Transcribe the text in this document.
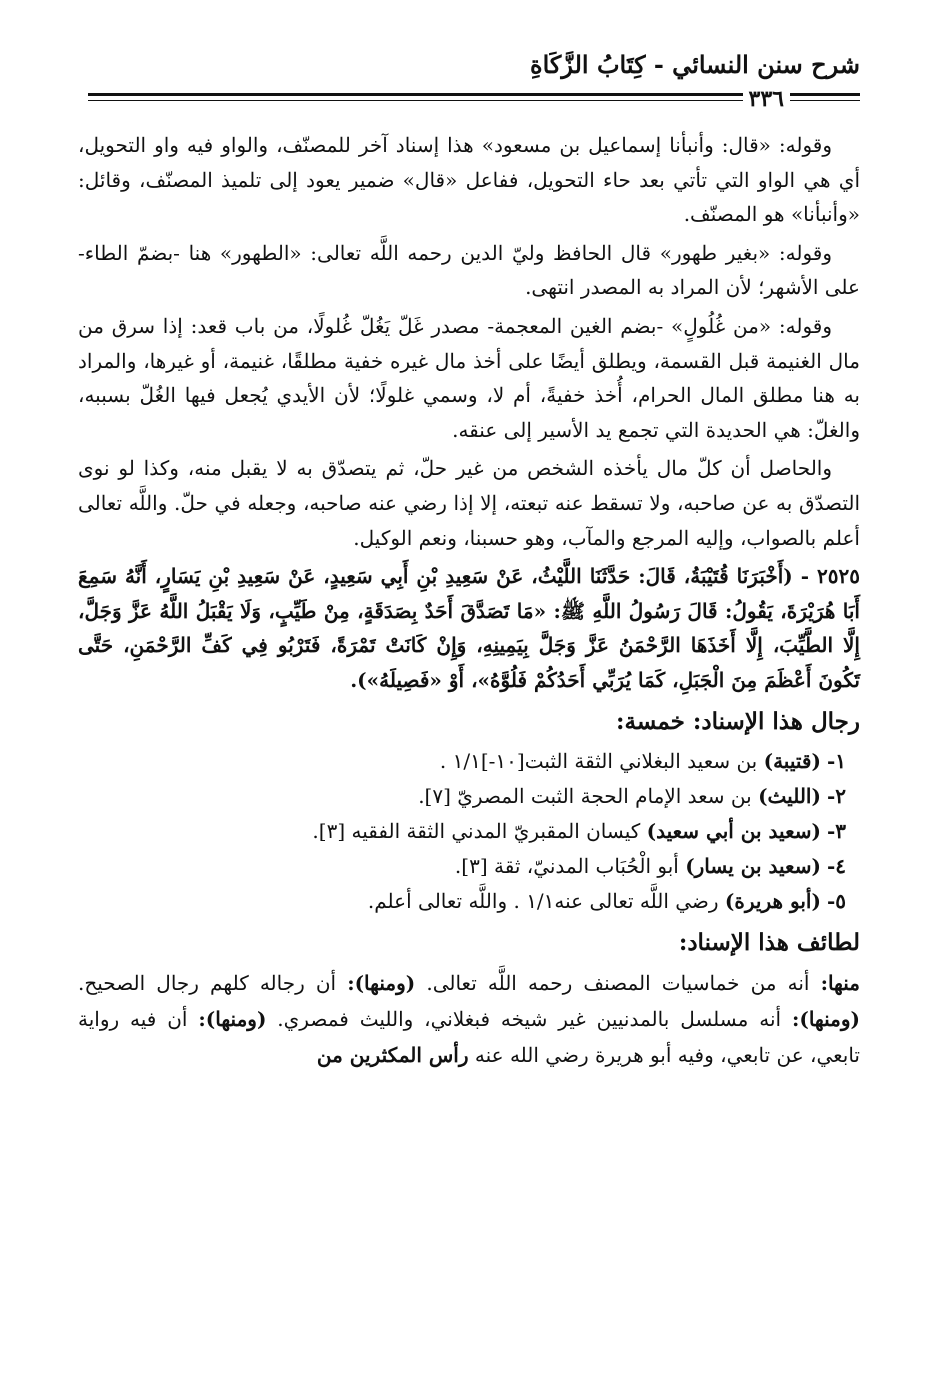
شرح سنن النسائي - كِتَابُ الزَّكَاةِ
٣٣٦

وقوله: «قال: وأنبأنا إسماعيل بن مسعود» هذا إسناد آخر للمصنّف، والواو فيه واو التحويل، أي هي الواو التي تأتي بعد حاء التحويل، ففاعل «قال» ضمير يعود إلى تلميذ المصنّف، وقائل: «وأنبأنا» هو المصنّف.

وقوله: «بغير طهور» قال الحافظ وليّ الدين رحمه اللَّه تعالى: «الطهور» هنا -بضمّ الطاء- على الأشهر؛ لأن المراد به المصدر انتهى.

وقوله: «من غُلُولٍ» -بضم الغين المعجمة- مصدر غَلّ يَغُلّ غُلولًا، من باب قعد: إذا سرق من مال الغنيمة قبل القسمة، ويطلق أيضًا على أخذ مال غيره خفية مطلقًا، غنيمة، أو غيرها، والمراد به هنا مطلق المال الحرام، أُخذ خفيةً، أم لا، وسمي غلولًا؛ لأن الأيدي يُجعل فيها الغُلّ بسببه، والغلّ: هي الحديدة التي تجمع يد الأسير إلى عنقه.

والحاصل أن كلّ مال يأخذه الشخص من غير حلّ، ثم يتصدّق به لا يقبل منه، وكذا لو نوى التصدّق به عن صاحبه، ولا تسقط عنه تبعته، إلا إذا رضي عنه صاحبه، وجعله في حلّ. واللَّه تعالى أعلم بالصواب، وإليه المرجع والمآب، وهو حسبنا، ونعم الوكيل.

٢٥٢٥ - (أَخْبَرَنَا قُتَيْبَةُ، قَالَ: حَدَّثَنَا اللَّيْثُ، عَنْ سَعِيدِ بْنِ أَبِي سَعِيدٍ، عَنْ سَعِيدِ بْنِ يَسَارٍ، أَنَّهُ سَمِعَ أَبَا هُرَيْرَةَ، يَقُولُ: قَالَ رَسُولُ اللَّهِ ﷺ: «مَا تَصَدَّقَ أَحَدٌ بِصَدَقَةٍ، مِنْ طَيِّبٍ، وَلَا يَقْبَلُ اللَّهُ عَزَّ وَجَلَّ، إِلَّا الطَّيِّبَ، إِلَّا أَخَذَهَا الرَّحْمَنُ عَزَّ وَجَلَّ بِيَمِينِهِ، وَإِنْ كَانَتْ تَمْرَةً، فَتَرْبُو فِي كَفِّ الرَّحْمَنِ، حَتَّى تَكُونَ أَعْظَمَ مِنَ الْجَبَلِ، كَمَا يُرَبِّي أَحَدُكُمْ فَلُوَّهُ»، أَوْ «فَصِيلَهُ»).

رجال هذا الإسناد: خمسة:
١-(قتيبة) بن سعيد البغلاني الثقة الثبت[١٠-]١/١ .
٢-(الليث) بن سعد الإمام الحجة الثبت المصريّ [٧].
٣-(سعيد بن أبي سعيد) كيسان المقبريّ المدني الثقة الفقيه [٣].
٤-(سعيد بن يسار) أبو الْحُبَاب المدنيّ، ثقة [٣].
٥-(أبو هريرة) رضي اللَّه تعالى عنه١/١ . واللَّه تعالى أعلم.
لطائف هذا الإسناد:

منها: أنه من خماسيات المصنف رحمه اللَّه تعالى. (ومنها): أن رجاله كلهم رجال الصحيح. (ومنها): أنه مسلسل بالمدنيين غير شيخه فبغلاني، والليث فمصري. (ومنها): أن فيه رواية تابعي، عن تابعي، وفيه أبو هريرة رضي الله عنه رأس المكثرين من
